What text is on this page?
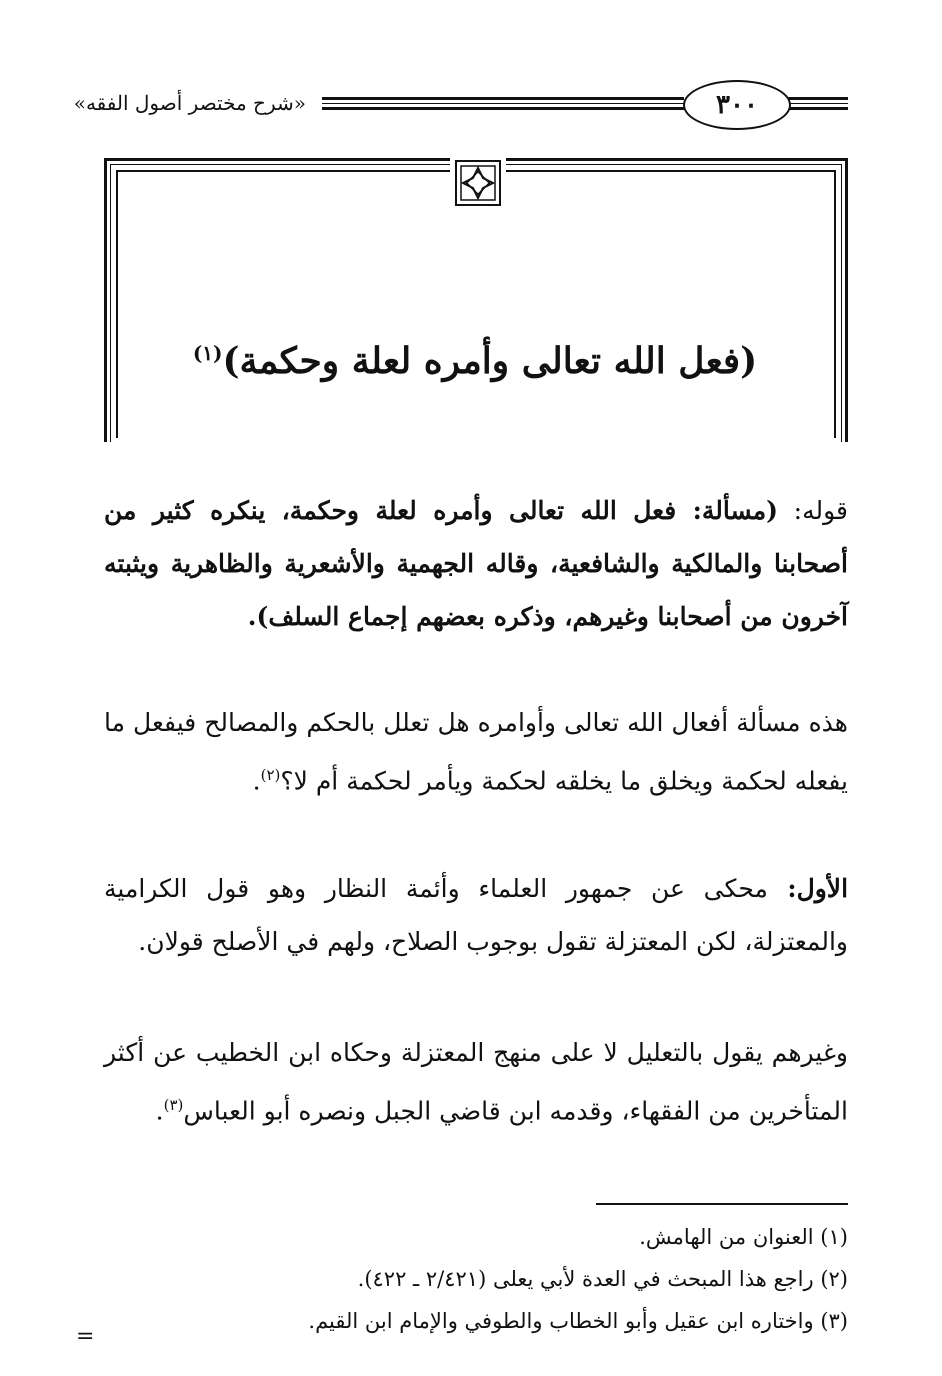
«شرح مختصر أصول الفقه»	٣٠٠
(فعل الله تعالى وأمره لعلة وحكمة)$^{(١)}$
قوله: (مسألة: فعل الله تعالى وأمره لعلة وحكمة، ينكره كثير من أصحابنا والمالكية والشافعية، وقاله الجهمية والأشعرية والظاهرية ويثبته آخرون من أصحابنا وغيرهم، وذكره بعضهم إجماع السلف).
هذه مسألة أفعال الله تعالى وأوامره هل تعلل بالحكم والمصالح فيفعل ما يفعله لحكمة ويخلق ما يخلقه لحكمة ويأمر لحكمة أم لا؟$^{(٢)}$.
الأول: محكى عن جمهور العلماء وأئمة النظار وهو قول الكرامية والمعتزلة، لكن المعتزلة تقول بوجوب الصلاح، ولهم في الأصلح قولان.
وغيرهم يقول بالتعليل لا على منهج المعتزلة وحكاه ابن الخطيب عن أكثر المتأخرين من الفقهاء، وقدمه ابن قاضي الجبل ونصره أبو العباس$^{(٣)}$.
(١) العنوان من الهامش.
(٢) راجع هذا المبحث في العدة لأبي يعلى (٢/٤٢١ ـ ٤٢٢).
(٣) واختاره ابن عقيل وأبو الخطاب والطوفي والإمام ابن القيم.
=
